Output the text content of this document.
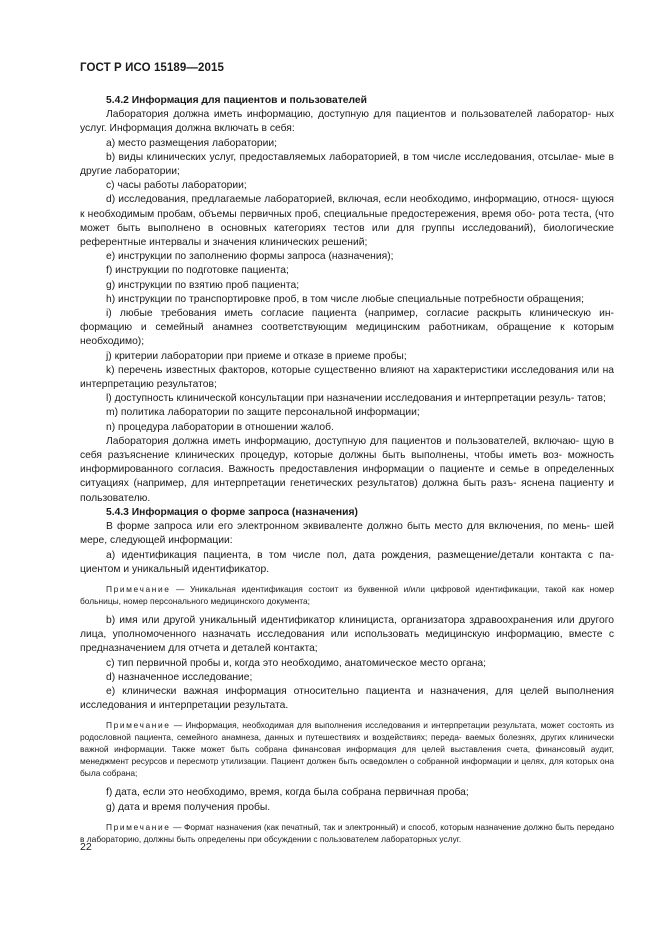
ГОСТ Р ИСО 15189—2015

5.4.2 Информация для пациентов и пользователей

Лаборатория должна иметь информацию, доступную для пациентов и пользователей лаборатор- ных услуг. Информация должна включать в себя:

a) место размещения лаборатории;

b) виды клинических услуг, предоставляемых лабораторией, в том числе исследования, отсылае- мые в другие лаборатории;

c) часы работы лаборатории;

d) исследования, предлагаемые лабораторией, включая, если необходимо, информацию, относя- щуюся к необходимым пробам, объемы первичных проб, специальные предостережения, время обо- рота теста, (что может быть выполнено в основных категориях тестов или для группы исследований), биологические референтные интервалы и значения клинических решений;

e) инструкции по заполнению формы запроса (назначения);

f) инструкции по подготовке пациента;

g) инструкции по взятию проб пациента;

h) инструкции по транспортировке проб, в том числе любые специальные потребности обращения;

i) любые требования иметь согласие пациента (например, согласие раскрыть клиническую ин- формацию и семейный анамнез соответствующим медицинским работникам, обращение к которым необходимо);

j) критерии лаборатории при приеме и отказе в приеме пробы;

k) перечень известных факторов, которые существенно влияют на характеристики исследования или на интерпретацию результатов;

l) доступность клинической консультации при назначении исследования и интерпретации резуль- татов;

m) политика лаборатории по защите персональной информации;

n) процедура лаборатории в отношении жалоб.

Лаборатория должна иметь информацию, доступную для пациентов и пользователей, включаю- щую в себя разъяснение клинических процедур, которые должны быть выполнены, чтобы иметь воз- можность информированного согласия. Важность предоставления информации о пациенте и семье в определенных ситуациях (например, для интерпретации генетических результатов) должна быть разъ- яснена пациенту и пользователю.

5.4.3 Информация о форме запроса (назначения)

В форме запроса или его электронном эквиваленте должно быть место для включения, по мень- шей мере, следующей информации:

a) идентификация пациента, в том числе пол, дата рождения, размещение/детали контакта с па- циентом и уникальный идентификатор.

Примечание — Уникальная идентификация состоит из буквенной и/или цифровой идентификации, такой как номер больницы, номер персонального медицинского документа;

b) имя или другой уникальный идентификатор клинициста, организатора здравоохранения или другого лица, уполномоченного назначать исследования или использовать медицинскую информацию, вместе с предназначением для отчета и деталей контакта;

c) тип первичной пробы и, когда это необходимо, анатомическое место органа;

d) назначенное исследование;

e) клинически важная информация относительно пациента и назначения, для целей выполнения исследования и интерпретации результата.

Примечание — Информация, необходимая для выполнения исследования и интерпретации результата, может состоять из родословной пациента, семейного анамнеза, данных и путешествиях и воздействиях; переда- ваемых болезнях, других клинически важной информации. Также может быть собрана финансовая информация для целей выставления счета, финансовый аудит, менеджмент ресурсов и пересмотр утилизации. Пациент должен быть осведомлен о собранной информации и целях, для которых она была собрана;

f) дата, если это необходимо, время, когда была собрана первичная проба;

g) дата и время получения пробы.

Примечание — Формат назначения (как печатный, так и электронный) и способ, которым назначение должно быть передано в лабораторию, должны быть определены при обсуждении с пользователем лабораторных услуг.

22
